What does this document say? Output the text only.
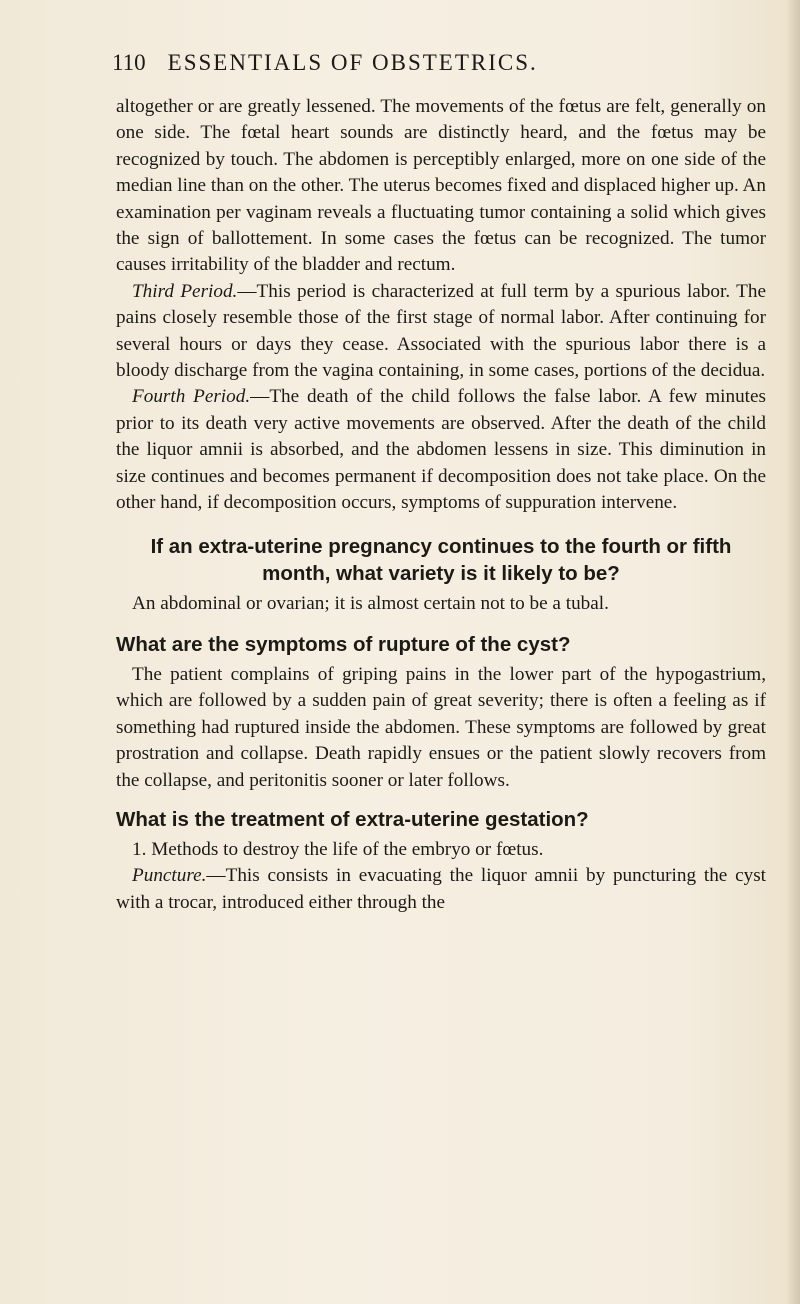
110 ESSENTIALS OF OBSTETRICS.

altogether or are greatly lessened. The movements of the fœtus are felt, generally on one side. The fœtal heart sounds are distinctly heard, and the fœtus may be recognized by touch. The abdomen is perceptibly enlarged, more on one side of the median line than on the other. The uterus becomes fixed and displaced higher up. An examination per vaginam reveals a fluctuating tumor containing a solid which gives the sign of ballottement. In some cases the fœtus can be recognized. The tumor causes irritability of the bladder and rectum.

Third Period.—This period is characterized at full term by a spurious labor. The pains closely resemble those of the first stage of normal labor. After continuing for several hours or days they cease. Associated with the spurious labor there is a bloody discharge from the vagina containing, in some cases, portions of the decidua.

Fourth Period.—The death of the child follows the false labor. A few minutes prior to its death very active movements are observed. After the death of the child the liquor amnii is absorbed, and the abdomen lessens in size. This diminution in size continues and becomes permanent if decomposition does not take place. On the other hand, if decomposition occurs, symptoms of suppuration intervene.

If an extra-uterine pregnancy continues to the fourth or fifth month, what variety is it likely to be?

An abdominal or ovarian; it is almost certain not to be a tubal.

What are the symptoms of rupture of the cyst?

The patient complains of griping pains in the lower part of the hypogastrium, which are followed by a sudden pain of great severity; there is often a feeling as if something had ruptured inside the abdomen. These symptoms are followed by great prostration and collapse. Death rapidly ensues or the patient slowly recovers from the collapse, and peritonitis sooner or later follows.

What is the treatment of extra-uterine gestation?

1. Methods to destroy the life of the embryo or fœtus.

Puncture.—This consists in evacuating the liquor amnii by puncturing the cyst with a trocar, introduced either through the
